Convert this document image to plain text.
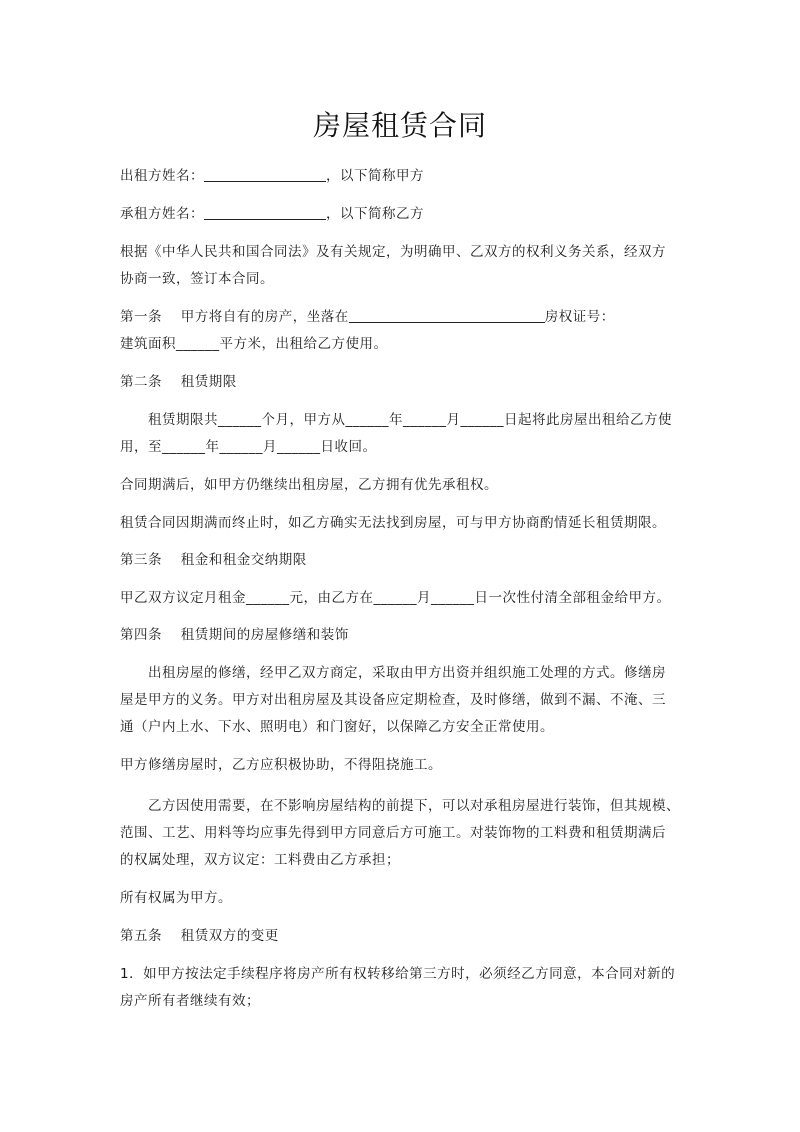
房屋租赁合同
出租方姓名：	，以下简称甲方
承租方姓名：	，以下简称乙方
根据《中华人民共和国合同法》及有关规定，为明确甲、乙双方的权利义务关系，经双方
协商一致，签订本合同。
第一条　 甲方将自有的房产，坐落在	房权证号：
建筑面积______平方米，出租给乙方使用。
第二条　 租赁期限
租赁期限共______个月，甲方从______年______月______日起将此房屋出租给乙方使
用，至______年______月______日收回。
合同期满后，如甲方仍继续出租房屋，乙方拥有优先承租权。
租赁合同因期满而终止时，如乙方确实无法找到房屋，可与甲方协商酌情延长租赁期限。
第三条　 租金和租金交纳期限
甲乙双方议定月租金______元，由乙方在______月______日一次性付清全部租金给甲方。
第四条　 租赁期间的房屋修缮和装饰
出租房屋的修缮，经甲乙双方商定，采取由甲方出资并组织施工处理的方式。修缮房
屋是甲方的义务。甲方对出租房屋及其设备应定期检查，及时修缮，做到不漏、不淹、三
通（户内上水、下水、照明电）和门窗好，以保障乙方安全正常使用。
甲方修缮房屋时，乙方应积极协助，不得阻挠施工。
乙方因使用需要，在不影响房屋结构的前提下，可以对承租房屋进行装饰，但其规模、
范围、工艺、用料等均应事先得到甲方同意后方可施工。对装饰物的工料费和租赁期满后
的权属处理，双方议定：工料费由乙方承担；
所有权属为甲方。
第五条　 租赁双方的变更
1．如甲方按法定手续程序将房产所有权转移给第三方时，必须经乙方同意，本合同对新的
房产所有者继续有效；
